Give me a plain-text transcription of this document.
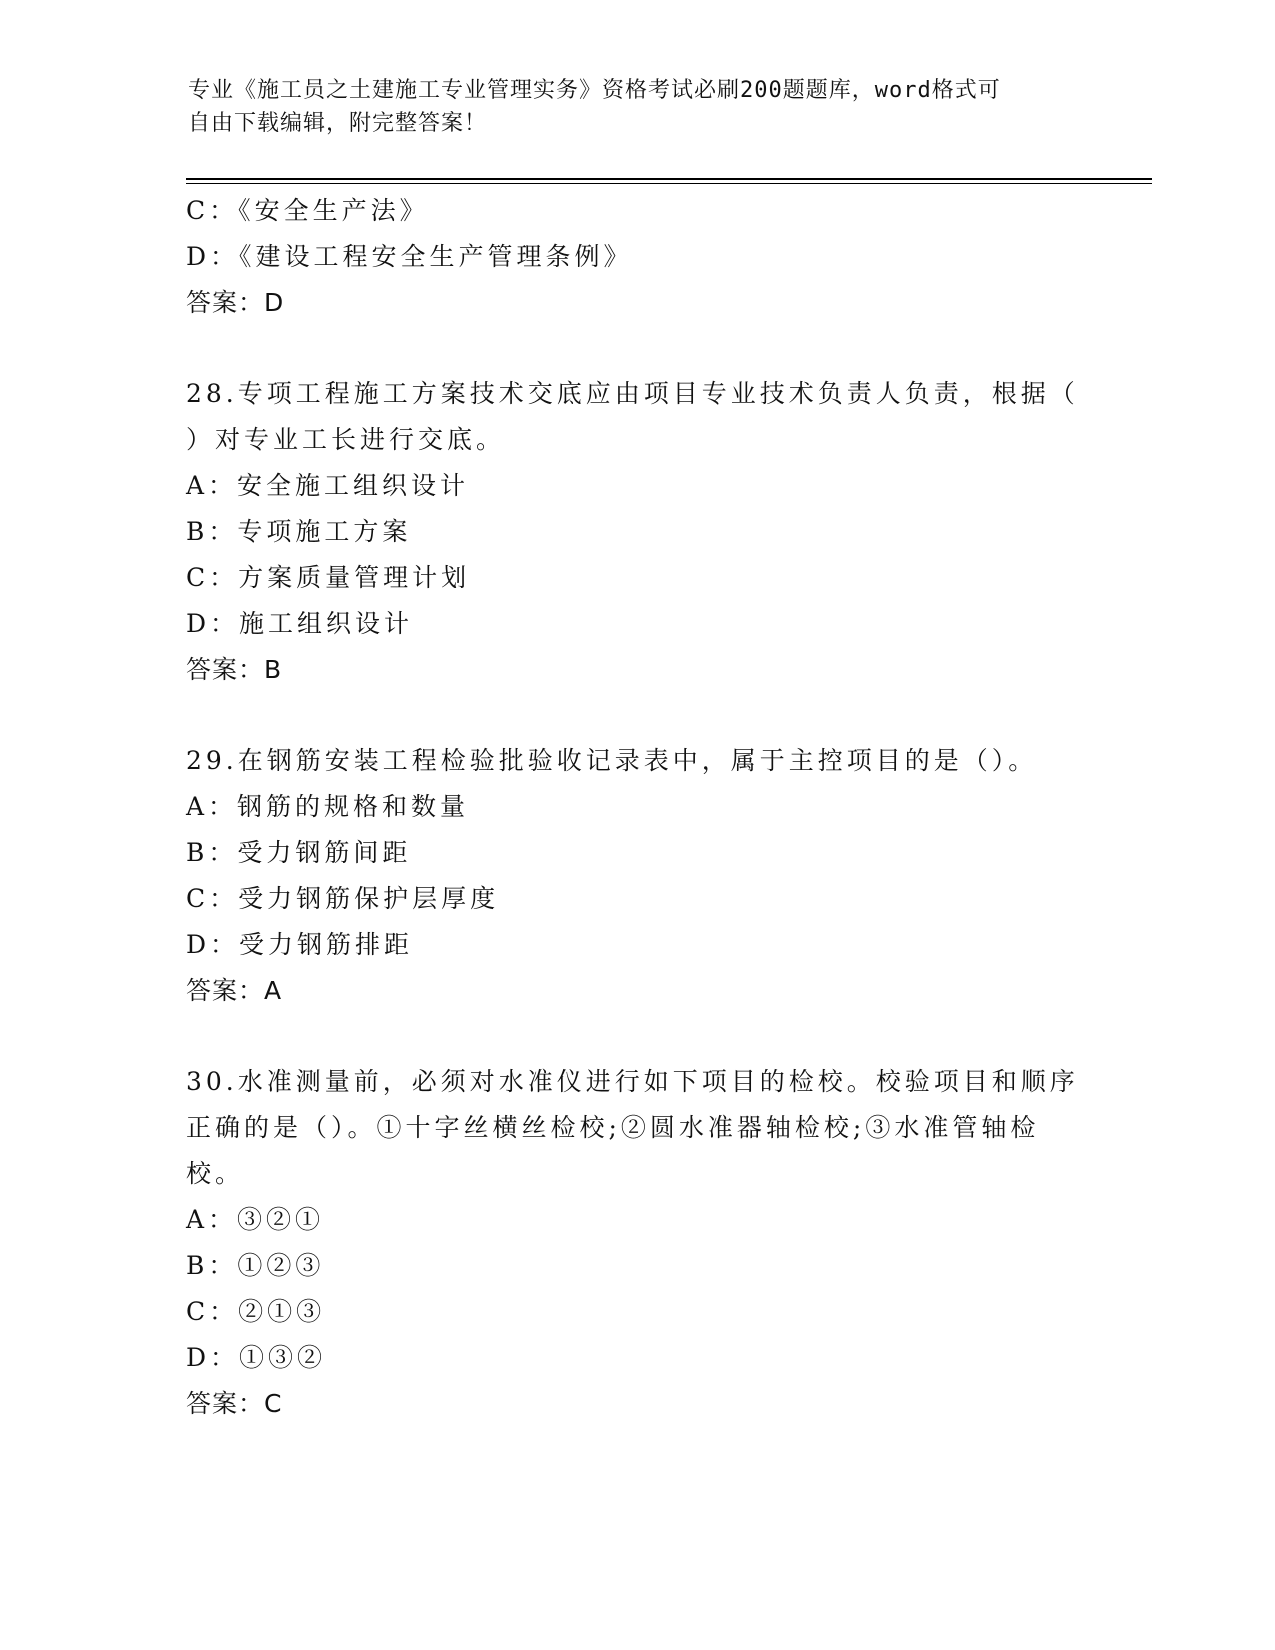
专业《施工员之土建施工专业管理实务》资格考试必刷200题题库，word格式可
自由下载编辑，附完整答案！
C：《安全生产法》
D：《建设工程安全生产管理条例》
答案：D
28.专项工程施工方案技术交底应由项目专业技术负责人负责，根据（
）对专业工长进行交底。
A：安全施工组织设计
B：专项施工方案
C：方案质量管理计划
D：施工组织设计
答案：B
29.在钢筋安装工程检验批验收记录表中，属于主控项目的是（）。
A：钢筋的规格和数量
B：受力钢筋间距
C：受力钢筋保护层厚度
D：受力钢筋排距
答案：A
30.水准测量前，必须对水准仪进行如下项目的检校。校验项目和顺序
正确的是（）。①十字丝横丝检校;②圆水准器轴检校;③水准管轴检
校。
A：③②①
B：①②③
C：②①③
D：①③②
答案：C
